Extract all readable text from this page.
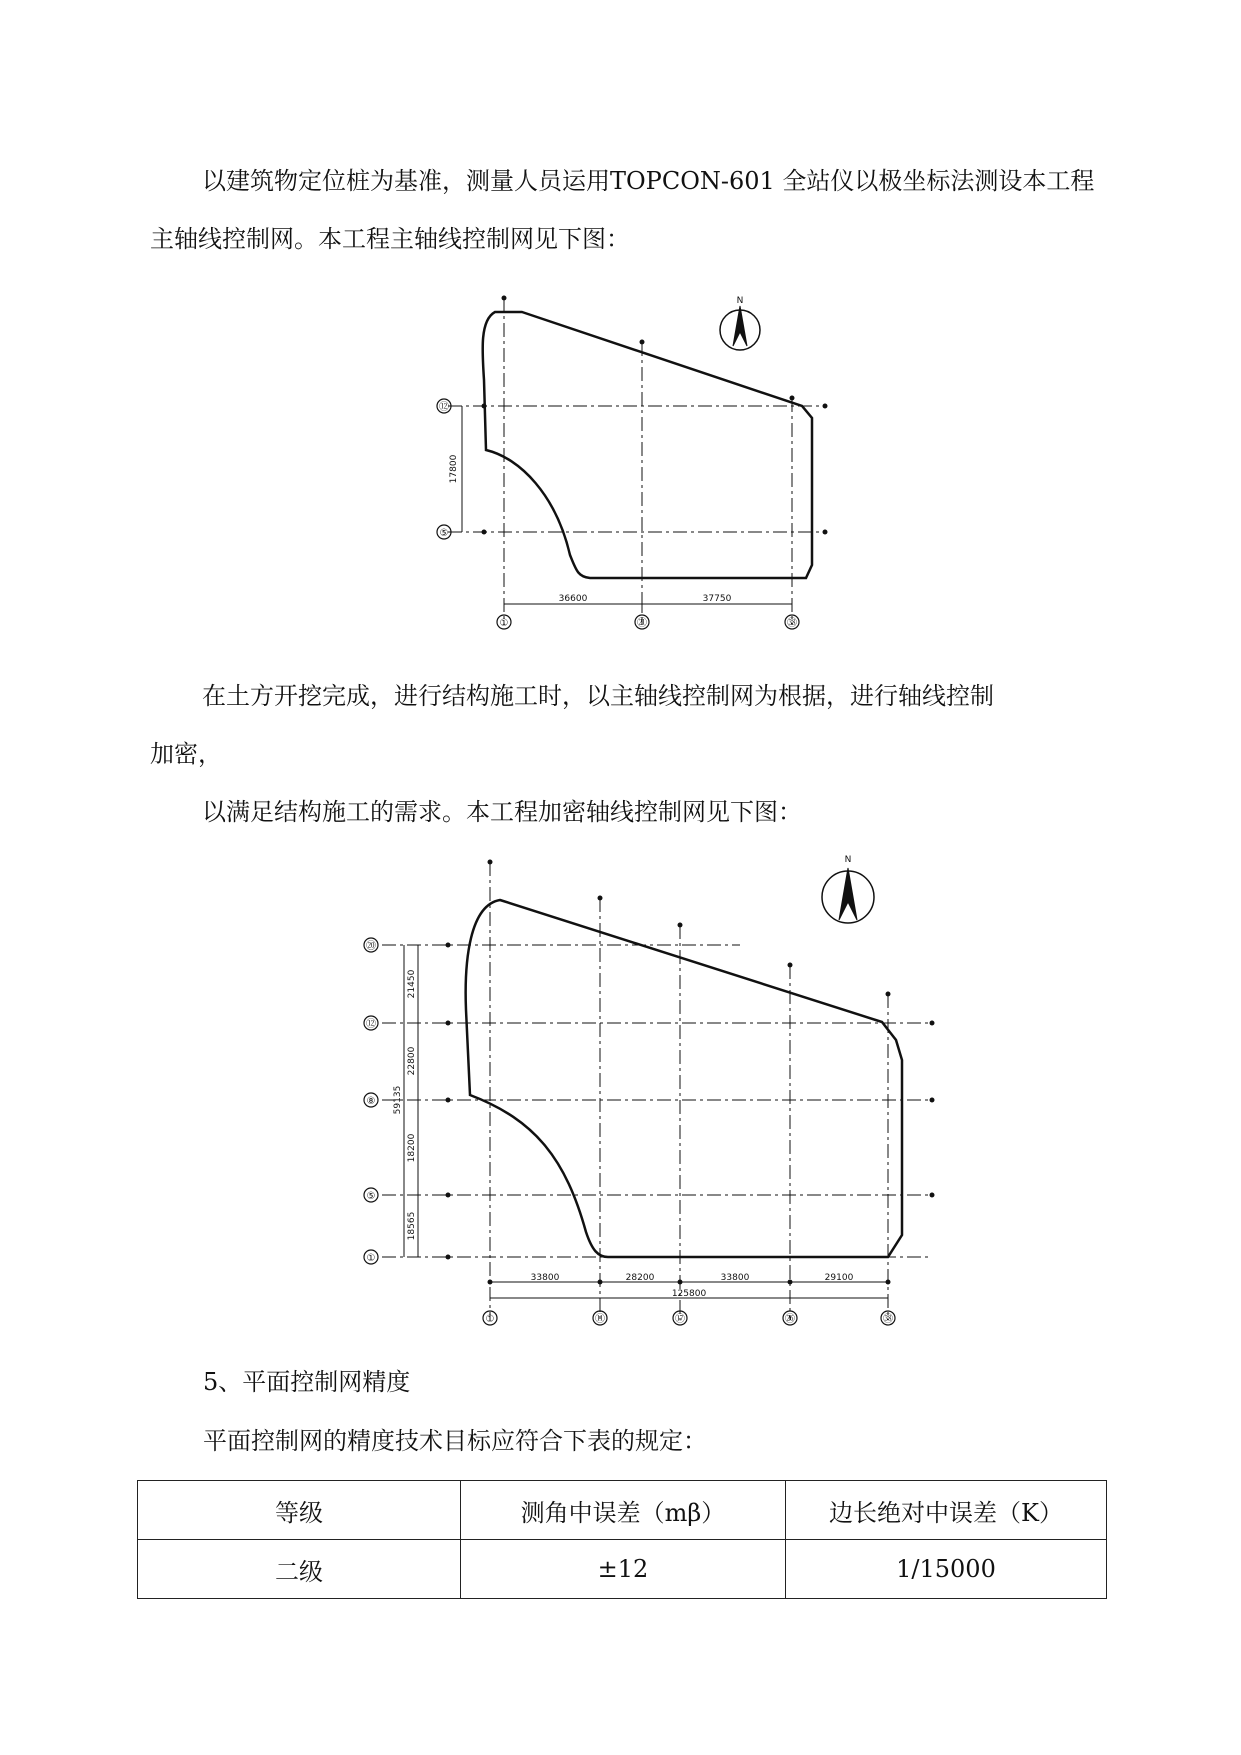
以建筑物定位桩为基准，测量人员运用TOPCON-601 全站仪以极坐标法测设本工程主轴线控制网。本工程主轴线控制网见下图：

N
17800
36600	37750
①	㉑	㊳
⑫
⑤

在土方开挖完成，进行结构施工时，以主轴线控制网为根据，进行轴线控制

加密，

以满足结构施工的需求。本工程加密轴线控制网见下图：

N
21450
22800
18200
18565
59135
33800	28200	33800	29100
125800
①	⑪	⑰	㉖	㊳
⑳
⑫
⑧
⑤
①

5、平面控制网精度

平面控制网的精度技术目标应符合下表的规定：

等级	测角中误差（mβ）	边长绝对中误差（K）
二级	±12	1/15000
